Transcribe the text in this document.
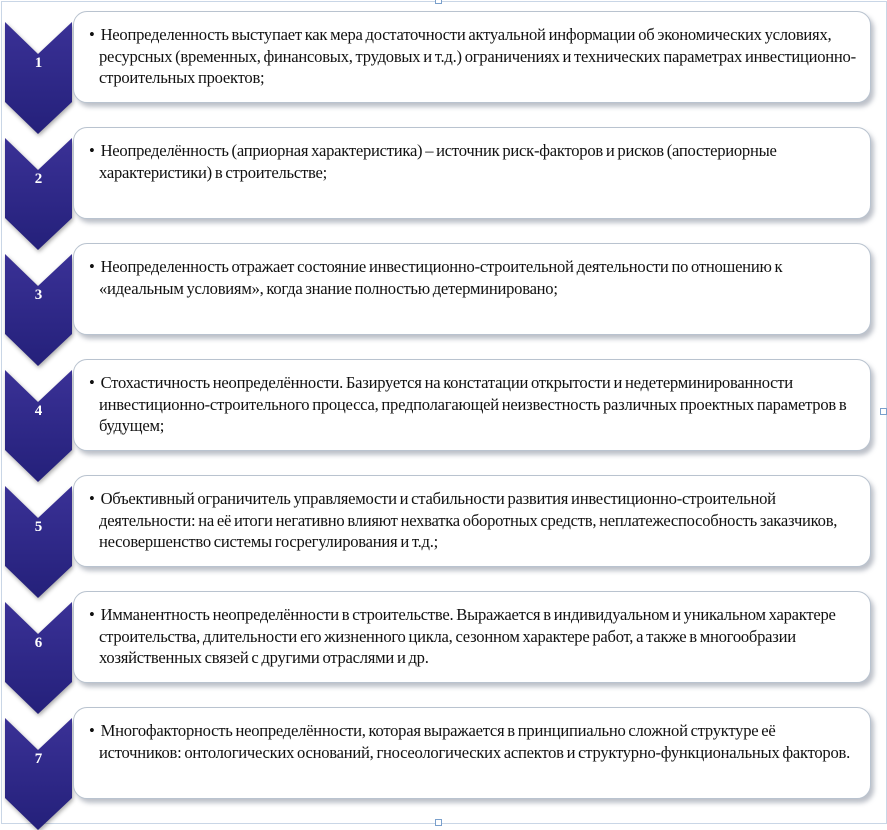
1
• Неопределенность выступает как мера достаточности актуальной информации об экономических условиях, ресурсных (временных, финансовых, трудовых и т.д.) ограничениях и технических параметрах инвестиционно-строительных проектов;
2
• Неопределённость (априорная характеристика) – источник риск-факторов и рисков (апостериорные характеристики) в строительстве;
3
• Неопределенность отражает состояние инвестиционно-строительной деятельности по отношению к «идеальным условиям», когда знание полностью детерминировано;
4
• Стохастичность неопределённости. Базируется на констатации открытости и недетерминированности инвестиционно-строительного процесса, предполагающей неизвестность различных проектных параметров в будущем;
5
• Объективный ограничитель управляемости и стабильности развития инвестиционно-строительной деятельности: на её итоги негативно влияют нехватка оборотных средств, неплатежеспособность заказчиков, несовершенство системы госрегулирования и т.д.;
6
• Имманентность неопределённости в строительстве. Выражается в индивидуальном и уникальном характере строительства, длительности его жизненного цикла, сезонном характере работ, а также в многообразии хозяйственных связей с другими отраслями и др.
7
• Многофакторность неопределённости, которая выражается в принципиально сложной структуре её источников: онтологических оснований, гносеологических аспектов и структурно-функциональных факторов.
